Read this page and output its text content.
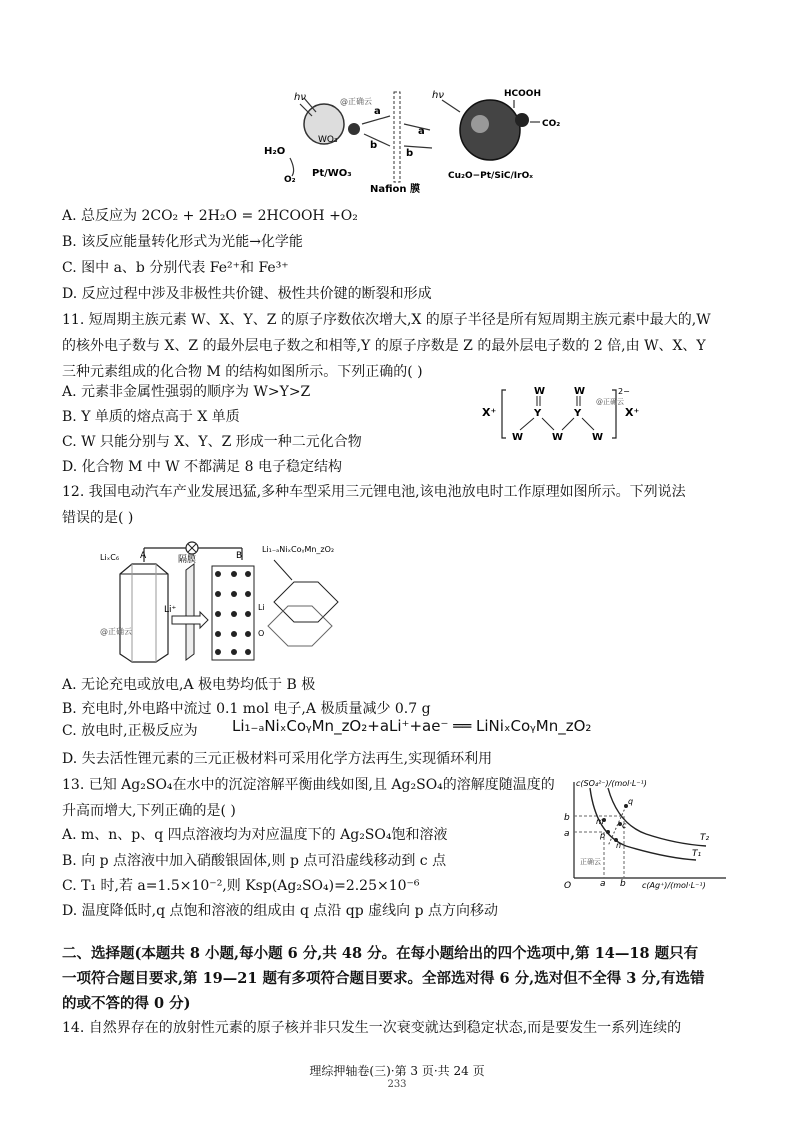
hν
WO₃
Pt/WO₃
H₂O
O₂
@正确云
Nafion 膜
a
a
b
b
hν	HCOOH
CO₂
Cu₂O−Pt/SiC/IrOₓ
A. 总反应为 2CO₂ + 2H₂O = 2HCOOH +O₂
B. 该反应能量转化形式为光能→化学能
C. 图中 a、b 分别代表 Fe²⁺和 Fe³⁺
D. 反应过程中涉及非极性共价键、极性共价键的断裂和形成
11. 短周期主族元素 W、X、Y、Z 的原子序数依次增大,X 的原子半径是所有短周期主族元素中最大的,W
的核外电子数与 X、Z 的最外层电子数之和相等,Y 的原子序数是 Z 的最外层电子数的 2 倍,由 W、X、Y
三种元素组成的化合物 M 的结构如图所示。下列正确的( )
A. 元素非金属性强弱的顺序为 W>Y>Z
B. Y 单质的熔点高于 X 单质
C. W 只能分别与 X、Y、Z 形成一种二元化合物
D. 化合物 M 中 W 不都满足 8 电子稳定结构
X⁺
2−
X⁺
@正确云
W	W
Y	Y
W	W	W
12. 我国电动汽车产业发展迅猛,多种车型采用三元锂电池,该电池放电时工作原理如图所示。下列说法
错误的是( )
LiₓC₆ A	B
隔膜
@正确云
Li⁺
Li₁₋ₐNiₓCoᵧMn_zO₂
Li
O
A. 无论充电或放电,A 极电势均低于 B 极
B. 充电时,外电路中流过 0.1 mol 电子,A 极质量减少 0.7 g
C. 放电时,正极反应为 Li₁₋ₐNiₓCoᵧMn_zO₂+aLi⁺+ae⁻ ══ LiNiₓCoᵧMn_zO₂
D. 失去活性锂元素的三元正极材料可采用化学方法再生,实现循环利用
13. 已知 Ag₂SO₄在水中的沉淀溶解平衡曲线如图,且 Ag₂SO₄的溶解度随温度的
升高而增大,下列正确的是( )
A. m、n、p、q 四点溶液均为对应温度下的 Ag₂SO₄饱和溶液
B. 向 p 点溶液中加入硝酸银固体,则 p 点可沿虚线移动到 c 点
C. T₁ 时,若 a=1.5×10⁻²,则 Ksp(Ag₂SO₄)=2.25×10⁻⁶
D. 温度降低时,q 点饱和溶液的组成由 q 点沿 qp 虚线向 p 点方向移动
c(SO₄²⁻)/(mol·L⁻¹)
c(Ag⁺)/(mol·L⁻¹)
O
b
a
a b
T₁
T₂
q
m c
p
n
正确云
二、选择题(本题共 8 小题,每小题 6 分,共 48 分。在每小题给出的四个选项中,第 14—18 题只有
一项符合题目要求,第 19—21 题有多项符合题目要求。全部选对得 6 分,选对但不全得 3 分,有选错
的或不答的得 0 分)
14. 自然界存在的放射性元素的原子核并非只发生一次衰变就达到稳定状态,而是要发生一系列连续的
理综押轴卷(三)·第 3 页·共 24 页
233
